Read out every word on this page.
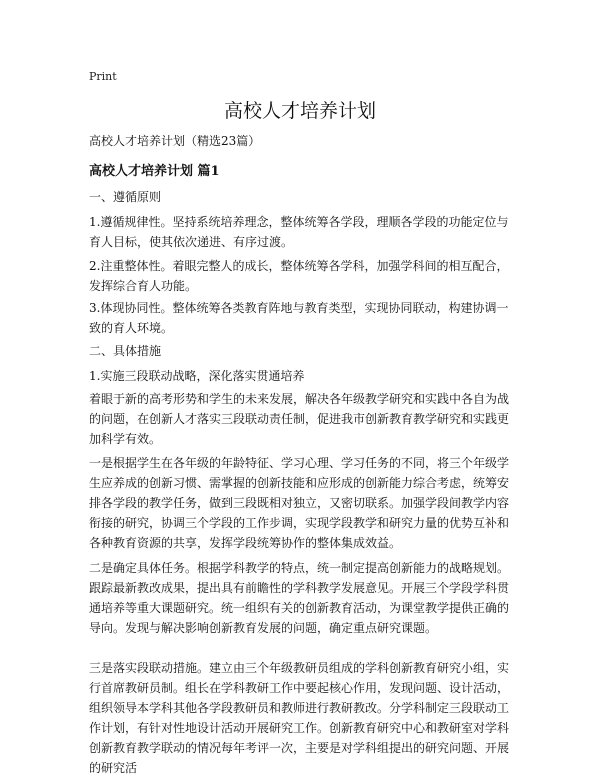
Print
高校人才培养计划
高校人才培养计划（精选23篇）
高校人才培养计划 篇1
一、遵循原则
1.遵循规律性。坚持系统培养理念，整体统筹各学段，理顺各学段的功能定位与育人目标，使其依次递进、有序过渡。
2.注重整体性。着眼完整人的成长，整体统筹各学科，加强学科间的相互配合，发挥综合育人功能。
3.体现协同性。整体统筹各类教育阵地与教育类型，实现协同联动，构建协调一致的育人环境。
二、具体措施
1.实施三段联动战略，深化落实贯通培养
着眼于新的高考形势和学生的未来发展，解决各年级教学研究和实践中各自为战的问题，在创新人才落实三段联动责任制，促进我市创新教育教学研究和实践更加科学有效。
一是根据学生在各年级的年龄特征、学习心理、学习任务的不同，将三个年级学生应养成的创新习惯、需掌握的创新技能和应形成的创新能力综合考虑，统筹安排各学段的教学任务，做到三段既相对独立，又密切联系。加强学段间教学内容衔接的研究，协调三个学段的工作步调，实现学段教学和研究力量的优势互补和各种教育资源的共享，发挥学段统筹协作的整体集成效益。
二是确定具体任务。根据学科教学的特点，统一制定提高创新能力的战略规划。跟踪最新教改成果，提出具有前瞻性的学科教学发展意见。开展三个学段学科贯通培养等重大课题研究。统一组织有关的创新教育活动，为课堂教学提供正确的导向。发现与解决影响创新教育发展的问题，确定重点研究课题。
三是落实段联动措施。建立由三个年级教研员组成的学科创新教育研究小组，实行首席教研员制。组长在学科教研工作中要起核心作用，发现问题、设计活动，组织领导本学科其他各学段教研员和教师进行教研教改。分学科制定三段联动工作计划，有针对性地设计活动开展研究工作。创新教育研究中心和教研室对学科创新教育教学联动的情况每年考评一次，主要是对学科组提出的研究问题、开展的研究活
